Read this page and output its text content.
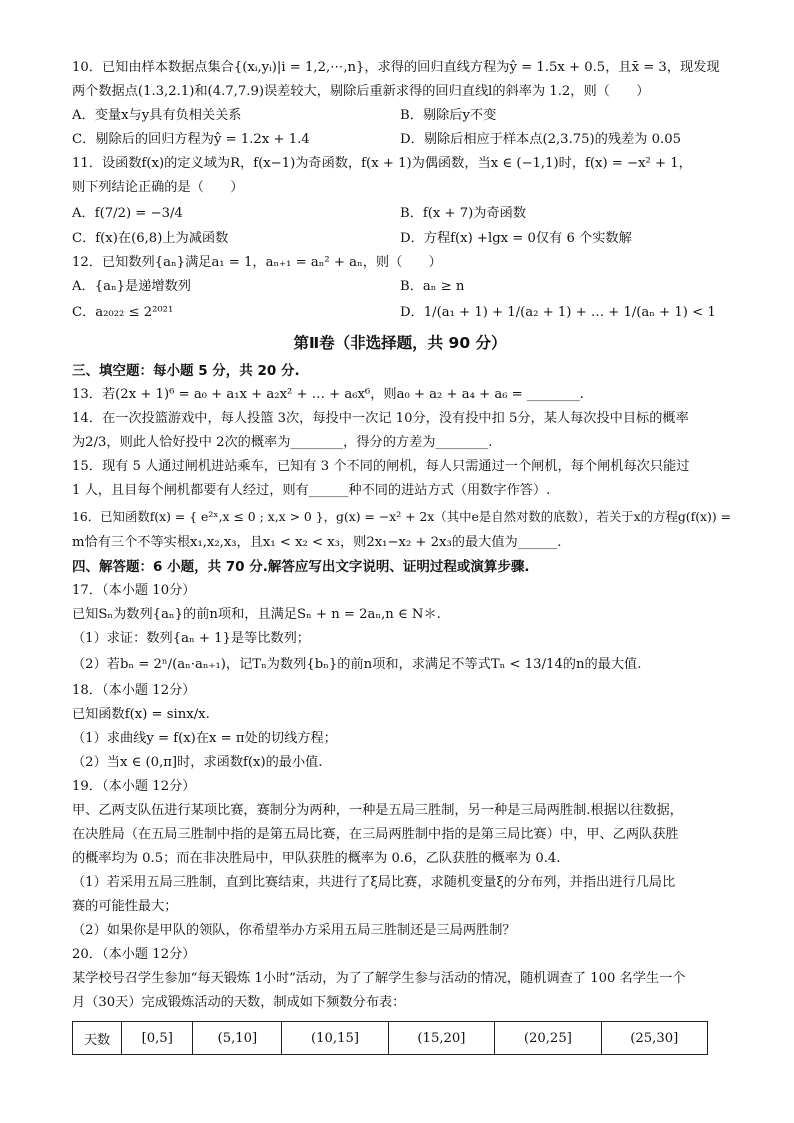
10．已知由样本数据点集合{(xᵢ,yᵢ)|i = 1,2,⋯,n}，求得的回归直线方程为ŷ = 1.5x + 0.5，且x̄ = 3，现发现
两个数据点(1.3,2.1)和(4.7,7.9)误差较大，剔除后重新求得的回归直线l的斜率为 1.2，则（　　）
A．变量x与y具有负相关关系	B．剔除后y不变
C．剔除后的回归方程为ŷ = 1.2x + 1.4	D．剔除后相应于样本点(2,3.75)的残差为 0.05
11．设函数f(x)的定义域为R，f(x−1)为奇函数，f(x + 1)为偶函数，当x ∈ (−1,1)时，f(x) = −x² + 1，
则下列结论正确的是（　　）
A．f(7/2) = −3/4	B．f(x + 7)为奇函数
C．f(x)在(6,8)上为减函数	D．方程f(x) +lgx = 0仅有 6 个实数解
12．已知数列{aₙ}满足a₁ = 1，aₙ₊₁ = aₙ² + aₙ，则（　　）
A．{aₙ}是递增数列	B．aₙ ≥ n
C．a₂₀₂₂ ≤ 2²⁰²¹	D．1/(a₁ + 1) + 1/(a₂ + 1) + … + 1/(aₙ + 1) < 1
第Ⅱ卷（非选择题，共 90 分）
三、填空题：每小题 5 分，共 20 分.
13．若(2x + 1)⁶ = a₀ + a₁x + a₂x² + … + a₆x⁶，则a₀ + a₂ + a₄ + a₆ = ________.
14．在一次投篮游戏中，每人投篮 3次，每投中一次记 10分，没有投中扣 5分，某人每次投中目标的概率
为2/3，则此人恰好投中 2次的概率为________，得分的方差为________.
15．现有 5 人通过闸机进站乘车，已知有 3 个不同的闸机，每人只需通过一个闸机，每个闸机每次只能过
1 人，且目每个闸机都要有人经过，则有______种不同的进站方式（用数字作答）.
16．已知函数f(x) = { e²ˣ,x ≤ 0 ; x,x > 0 }，g(x) = −x² + 2x（其中e是自然对数的底数），若关于x的方程g(f(x)) =
m恰有三个不等实根x₁,x₂,x₃，且x₁ < x₂ < x₃，则2x₁−x₂ + 2x₃的最大值为______.
四、解答题：6 小题，共 70 分.解答应写出文字说明、证明过程或演算步骤.
17．（本小题 10分）
已知Sₙ为数列{aₙ}的前n项和，且满足Sₙ + n = 2aₙ,n ∈ N＊.
（1）求证：数列{aₙ + 1}是等比数列；
（2）若bₙ = 2ⁿ/(aₙ·aₙ₊₁)，记Tₙ为数列{bₙ}的前n项和，求满足不等式Tₙ < 13/14的n的最大值.
18．（本小题 12分）
已知函数f(x) = sinx/x.
（1）求曲线y = f(x)在x = π处的切线方程；
（2）当x ∈ (0,π]时，求函数f(x)的最小值.
19．（本小题 12分）
甲、乙两支队伍进行某项比赛，赛制分为两种，一种是五局三胜制，另一种是三局两胜制.根据以往数据，
在决胜局（在五局三胜制中指的是第五局比赛，在三局两胜制中指的是第三局比赛）中，甲、乙两队获胜
的概率均为 0.5；而在非决胜局中，甲队获胜的概率为 0.6，乙队获胜的概率为 0.4.
（1）若采用五局三胜制，直到比赛结束，共进行了ξ局比赛，求随机变量ξ的分布列，并指出进行几局比
赛的可能性最大；
（2）如果你是甲队的领队，你希望举办方采用五局三胜制还是三局两胜制？
20．（本小题 12分）
某学校号召学生参加“每天锻炼 1小时”活动，为了了解学生参与活动的情况，随机调查了 100 名学生一个
月（30天）完成锻炼活动的天数，制成如下频数分布表：
天数	[0,5]	(5,10]	(10,15]	(15,20]	(20,25]	(25,30]
